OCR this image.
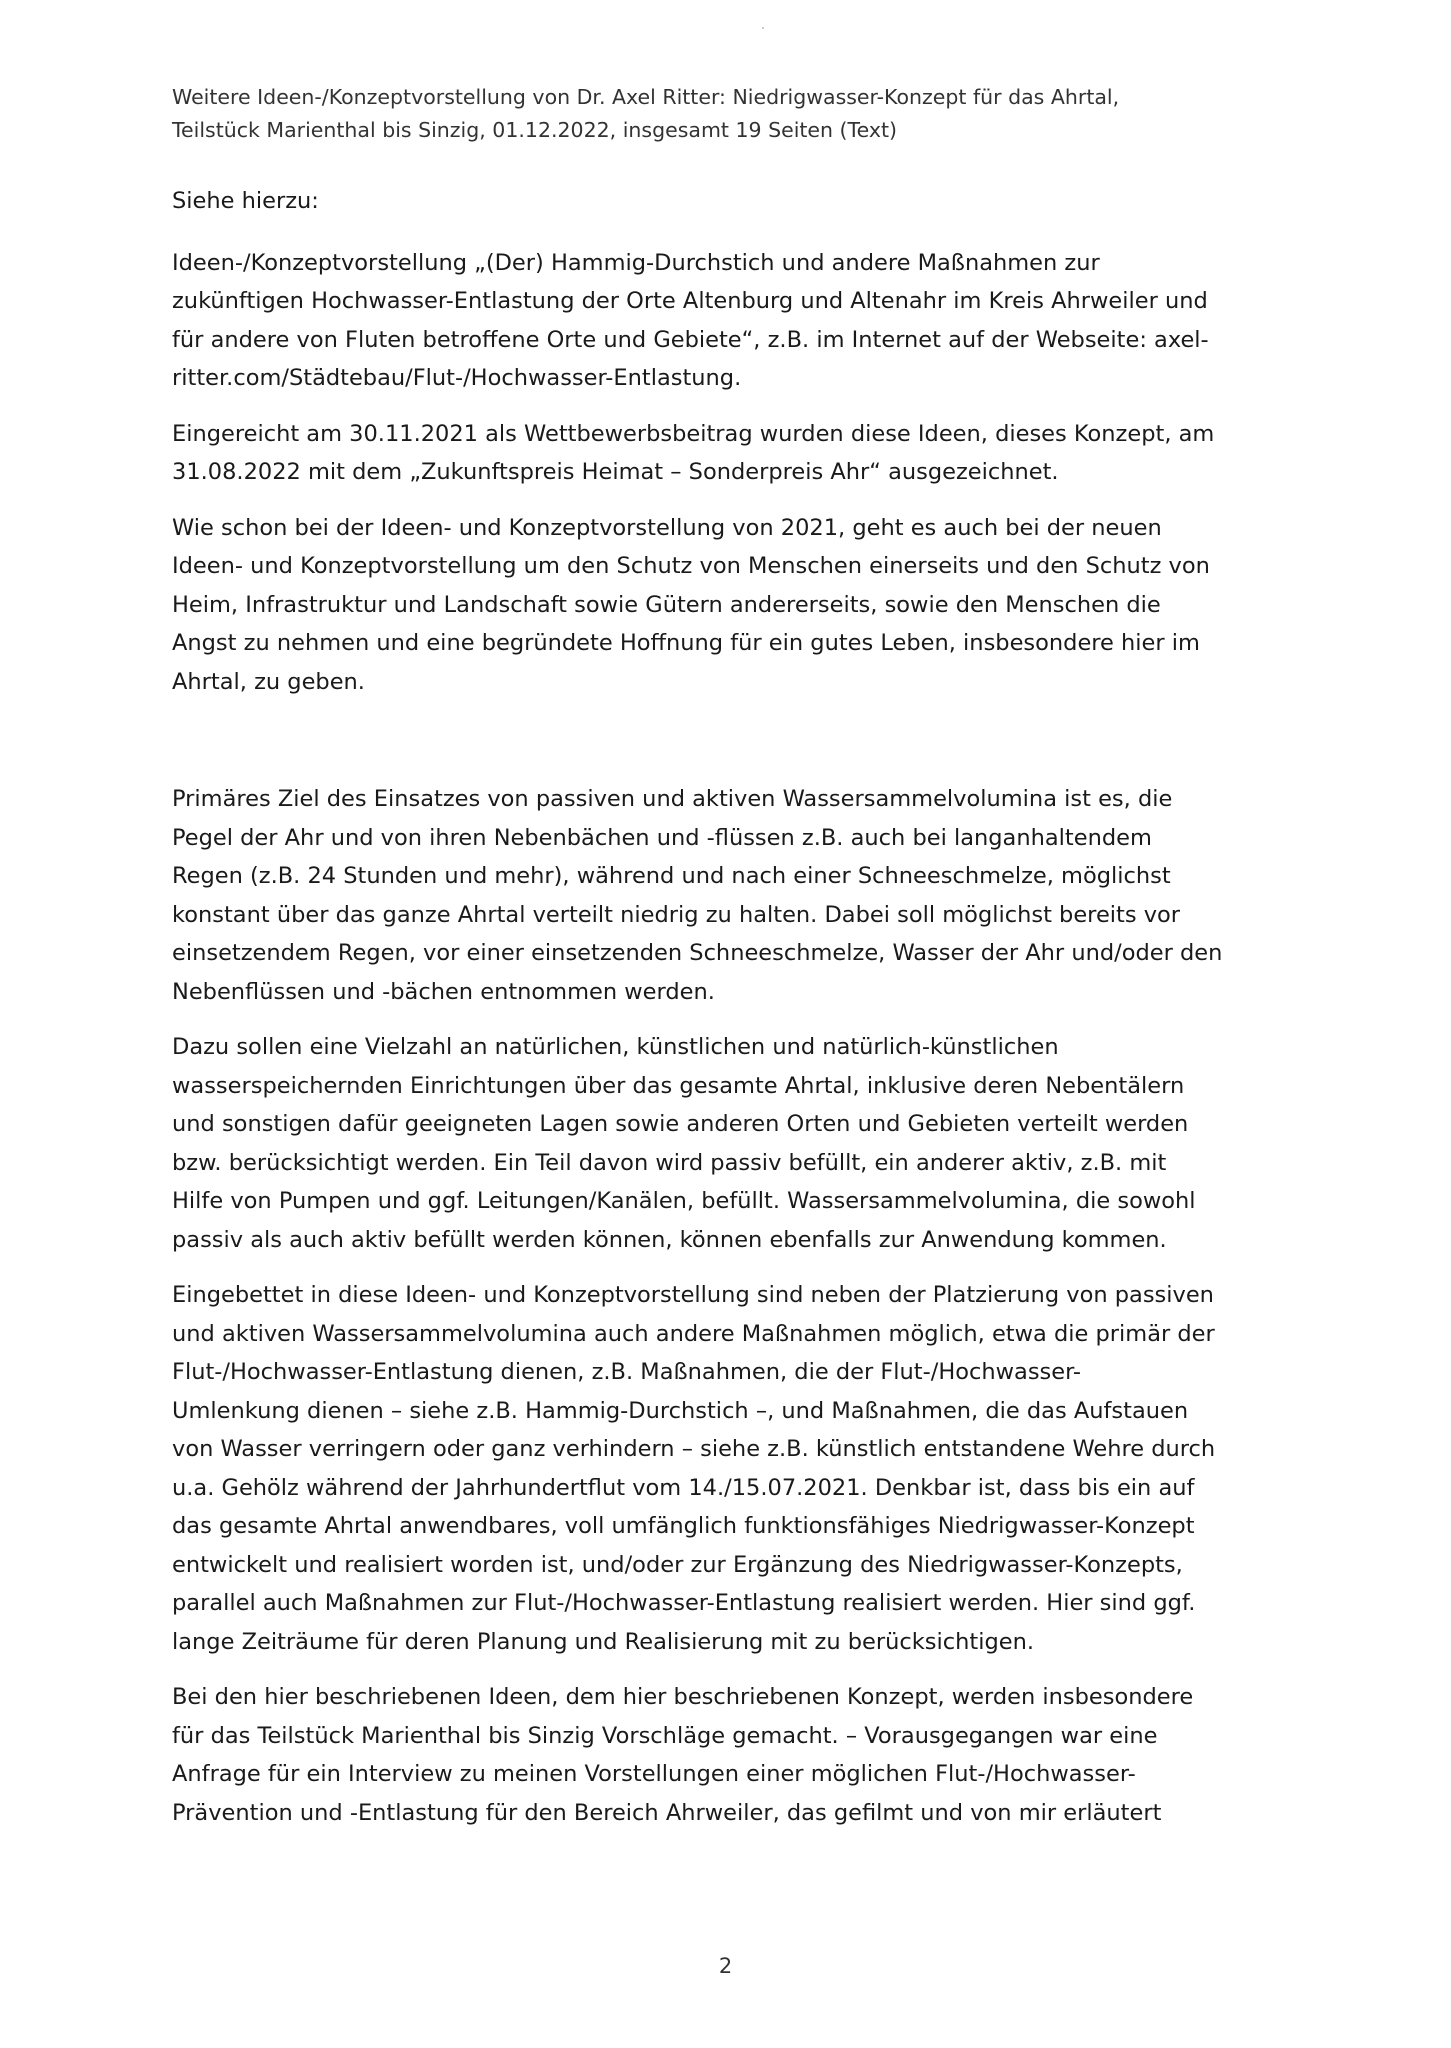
Weitere Ideen-/Konzeptvorstellung von Dr. Axel Ritter: Niedrigwasser-Konzept für das Ahrtal,
Teilstück Marienthal bis Sinzig, 01.12.2022, insgesamt 19 Seiten (Text)

Siehe hierzu:

Ideen-/Konzeptvorstellung „(Der) Hammig-Durchstich und andere Maßnahmen zur
zukünftigen Hochwasser-Entlastung der Orte Altenburg und Altenahr im Kreis Ahrweiler und
für andere von Fluten betroffene Orte und Gebiete“, z.B. im Internet auf der Webseite: axel-
ritter.com/Städtebau/Flut-/Hochwasser-Entlastung.

Eingereicht am 30.11.2021 als Wettbewerbsbeitrag wurden diese Ideen, dieses Konzept, am
31.08.2022 mit dem „Zukunftspreis Heimat – Sonderpreis Ahr“ ausgezeichnet.

Wie schon bei der Ideen- und Konzeptvorstellung von 2021, geht es auch bei der neuen
Ideen- und Konzeptvorstellung um den Schutz von Menschen einerseits und den Schutz von
Heim, Infrastruktur und Landschaft sowie Gütern andererseits, sowie den Menschen die
Angst zu nehmen und eine begründete Hoffnung für ein gutes Leben, insbesondere hier im
Ahrtal, zu geben.

Primäres Ziel des Einsatzes von passiven und aktiven Wassersammelvolumina ist es, die
Pegel der Ahr und von ihren Nebenbächen und -flüssen z.B. auch bei langanhaltendem
Regen (z.B. 24 Stunden und mehr), während und nach einer Schneeschmelze, möglichst
konstant über das ganze Ahrtal verteilt niedrig zu halten. Dabei soll möglichst bereits vor
einsetzendem Regen, vor einer einsetzenden Schneeschmelze, Wasser der Ahr und/oder den
Nebenflüssen und -bächen entnommen werden.

Dazu sollen eine Vielzahl an natürlichen, künstlichen und natürlich-künstlichen
wasserspeichernden Einrichtungen über das gesamte Ahrtal, inklusive deren Nebentälern
und sonstigen dafür geeigneten Lagen sowie anderen Orten und Gebieten verteilt werden
bzw. berücksichtigt werden. Ein Teil davon wird passiv befüllt, ein anderer aktiv, z.B. mit
Hilfe von Pumpen und ggf. Leitungen/Kanälen, befüllt. Wassersammelvolumina, die sowohl
passiv als auch aktiv befüllt werden können, können ebenfalls zur Anwendung kommen.

Eingebettet in diese Ideen- und Konzeptvorstellung sind neben der Platzierung von passiven
und aktiven Wassersammelvolumina auch andere Maßnahmen möglich, etwa die primär der
Flut-/Hochwasser-Entlastung dienen, z.B. Maßnahmen, die der Flut-/Hochwasser-
Umlenkung dienen – siehe z.B. Hammig-Durchstich –, und Maßnahmen, die das Aufstauen
von Wasser verringern oder ganz verhindern – siehe z.B. künstlich entstandene Wehre durch
u.a. Gehölz während der Jahrhundertflut vom 14./15.07.2021. Denkbar ist, dass bis ein auf
das gesamte Ahrtal anwendbares, voll umfänglich funktionsfähiges Niedrigwasser-Konzept
entwickelt und realisiert worden ist, und/oder zur Ergänzung des Niedrigwasser-Konzepts,
parallel auch Maßnahmen zur Flut-/Hochwasser-Entlastung realisiert werden. Hier sind ggf.
lange Zeiträume für deren Planung und Realisierung mit zu berücksichtigen.

Bei den hier beschriebenen Ideen, dem hier beschriebenen Konzept, werden insbesondere
für das Teilstück Marienthal bis Sinzig Vorschläge gemacht. – Vorausgegangen war eine
Anfrage für ein Interview zu meinen Vorstellungen einer möglichen Flut-/Hochwasser-
Prävention und -Entlastung für den Bereich Ahrweiler, das gefilmt und von mir erläutert

2
